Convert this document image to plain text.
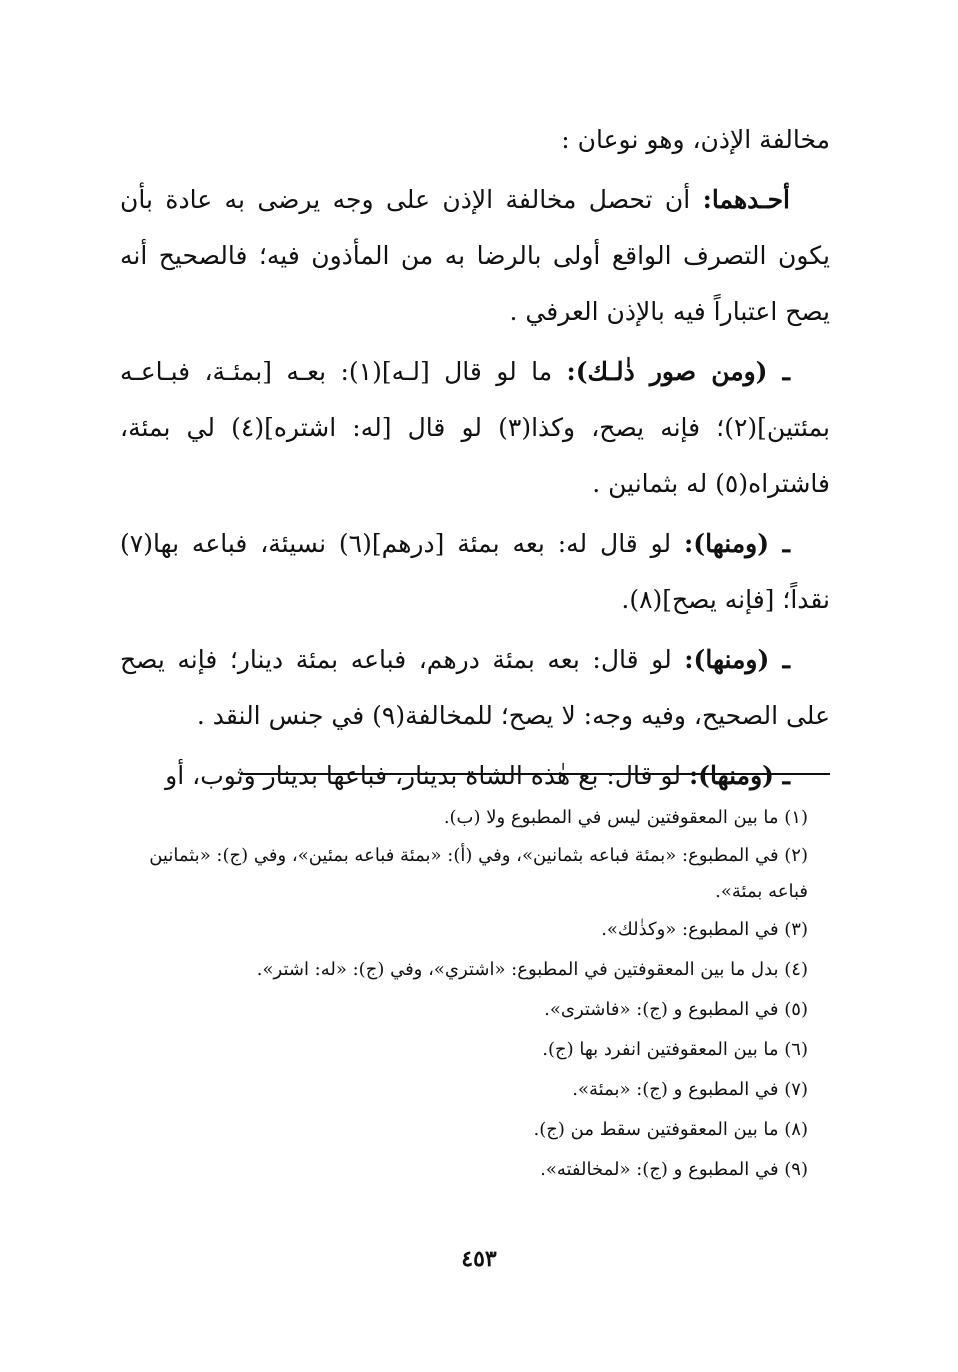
مخالفة الإذن، وهو نوعان :

أحـدهما: أن تحصل مخالفة الإذن على وجه يرضى به عادة بأن يكون التصرف الواقع أولى بالرضا به من المأذون فيه؛ فالصحيح أنه يصح اعتباراً فيه بالإذن العرفي .

ـ (ومن صور ذٰلـك): ما لو قال [لـه](١): بعـه [بمئـة، فبـاعـه بمئتين](٢)؛ فإنه يصح، وكذا(٣) لو قال [له: اشتره](٤) لي بمئة، فاشتراه(٥) له بثمانين .

ـ (ومنها): لو قال له: بعه بمئة [درهم](٦) نسيئة، فباعه بها(٧) نقداً؛ [فإنه يصح](٨).

ـ (ومنها): لو قال: بعه بمئة درهم، فباعه بمئة دينار؛ فإنه يصح على الصحيح، وفيه وجه: لا يصح؛ للمخالفة(٩) في جنس النقد .

ـ (ومنها): لو قال: بع هٰذه الشاة بدينار، فباعها بدينار وثوب، أو

(١) ما بين المعقوفتين ليس في المطبوع ولا (ب).

(٢) في المطبوع: «بمئة فباعه بثمانين»، وفي (أ): «بمئة فباعه بمئين»، وفي (ج): «بثمانين فباعه بمئة».

(٣) في المطبوع: «وكذٰلك».

(٤) بدل ما بين المعقوفتين في المطبوع: «اشتري»، وفي (ج): «له: اشتر».

(٥) في المطبوع و (ج): «فاشترى».

(٦) ما بين المعقوفتين انفرد بها (ج).

(٧) في المطبوع و (ج): «بمئة».

(٨) ما بين المعقوفتين سقط من (ج).

(٩) في المطبوع و (ج): «لمخالفته».

٤٥٣
